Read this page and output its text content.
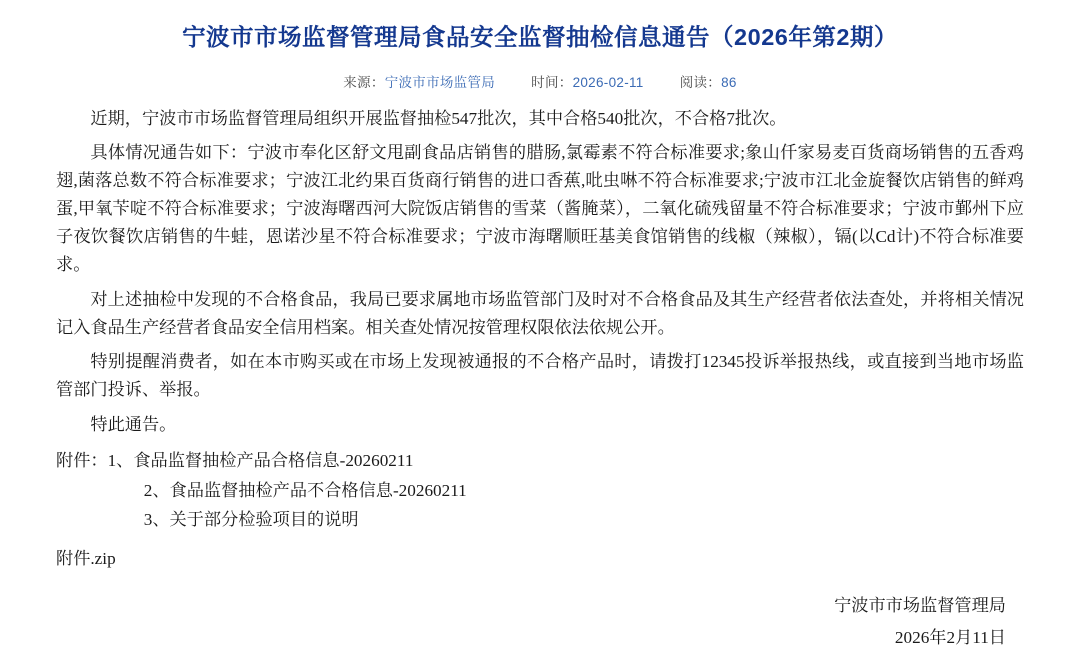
宁波市市场监督管理局食品安全监督抽检信息通告（2026年第2期）
来源：宁波市市场监管局	时间：2026-02-11	阅读：86

近期，宁波市市场监督管理局组织开展监督抽检547批次，其中合格540批次，不合格7批次。

具体情况通告如下：宁波市奉化区舒文甩副食品店销售的腊肠,氯霉素不符合标准要求;象山仟家易麦百货商场销售的五香鸡翅,菌落总数不符合标准要求；宁波江北约果百货商行销售的进口香蕉,吡虫啉不符合标准要求;宁波市江北金旋餐饮店销售的鲜鸡蛋,甲氧苄啶不符合标准要求；宁波海曙西河大院饭店销售的雪菜（酱腌菜），二氧化硫残留量不符合标准要求；宁波市鄞州下应子夜饮餐饮店销售的牛蛙，恩诺沙星不符合标准要求；宁波市海曙顺旺基美食馆销售的线椒（辣椒），镉(以Cd计)不符合标准要求。

对上述抽检中发现的不合格食品，我局已要求属地市场监管部门及时对不合格食品及其生产经营者依法查处，并将相关情况记入食品生产经营者食品安全信用档案。相关查处情况按管理权限依法依规公开。

特别提醒消费者，如在本市购买或在市场上发现被通报的不合格产品时，请拨打12345投诉举报热线，或直接到当地市场监管部门投诉、举报。

特此通告。

附件：1、食品监督抽检产品合格信息-20260211
2、食品监督抽检产品不合格信息-20260211
3、关于部分检验项目的说明
附件.zip
宁波市市场监督管理局
2026年2月11日
